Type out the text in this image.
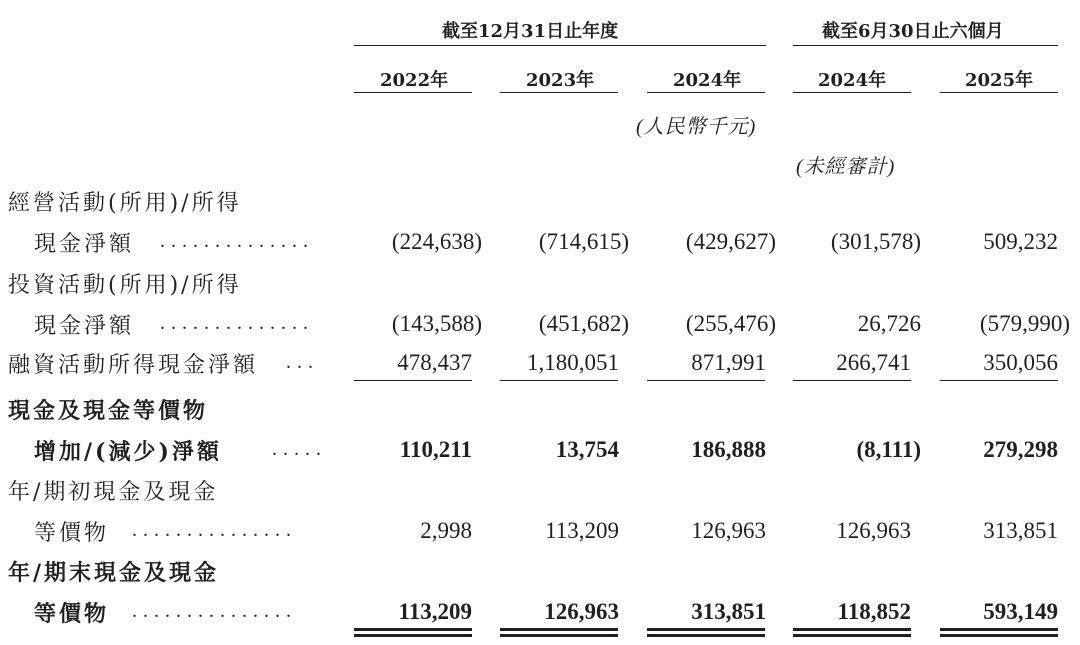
截至12月31日止年度	截至6月30日止六個月
2022年	2023年	2024年	2024年	2025年
(人民幣千元)
(未經審計)
經營活動(所用)/所得
現金淨額 ..............	(224,638) (714,615) (429,627) (301,578)	509,232
投資活動(所用)/所得
現金淨額 ..............	(143,588) (451,682) (255,476)	26,726	(579,990)
融資活動所得現金淨額 ...	478,437 1,180,051	871,991	266,741	350,056
現金及現金等價物
增加/(減少)淨額	.....	110,211	13,754	186,888	(8,111)	279,298
年/期初現金及現金
等價物 ...............	2,998	113,209	126,963	126,963	313,851
年/期末現金及現金
等價物 ...............	113,209	126,963	313,851	118,852	593,149
